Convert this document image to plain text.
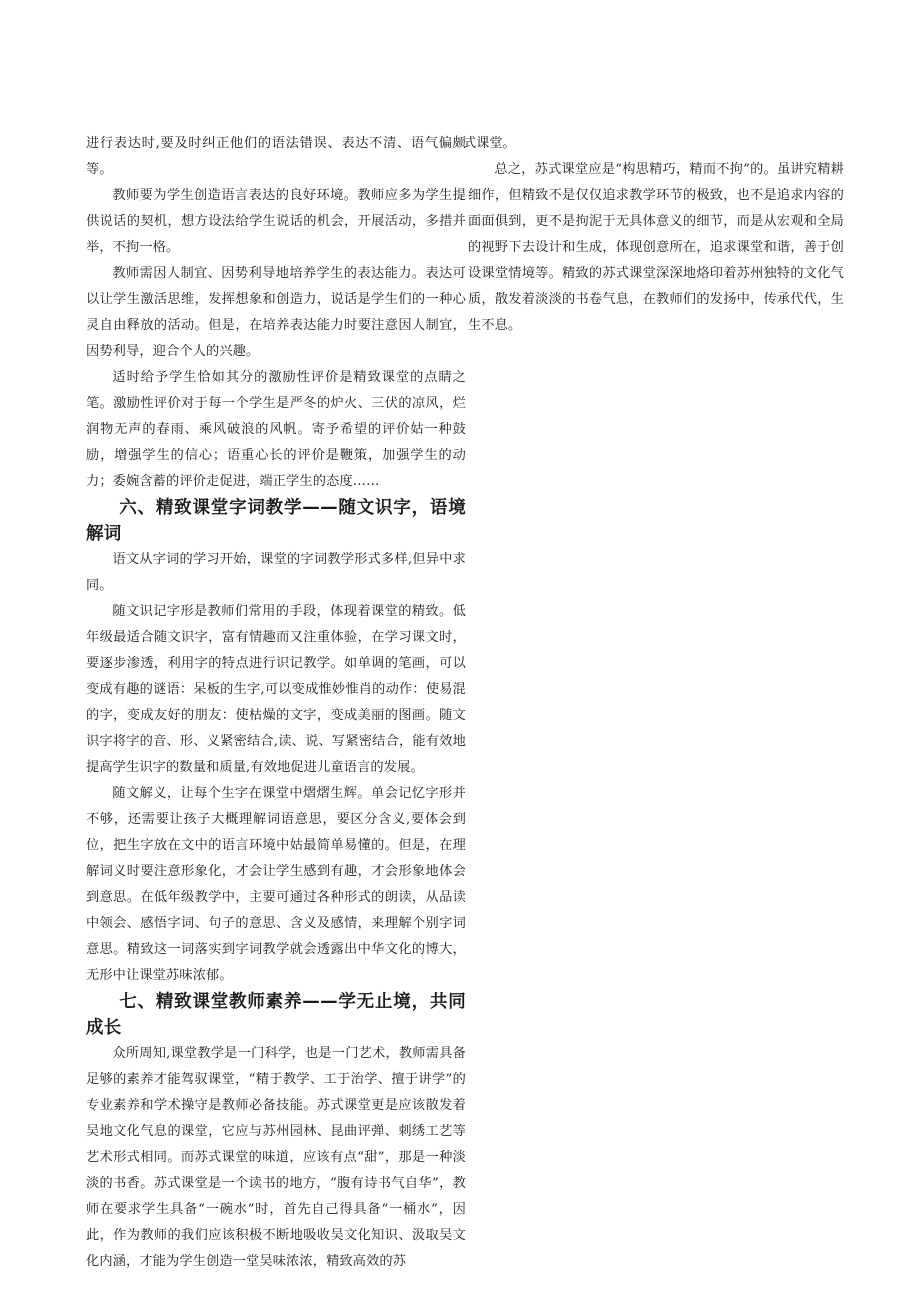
进行表达时,要及时纠正他们的语法错误、表达不清、语气偏颇等。

教师要为学生创造语言表达的良好环境。教师应多为学生提供说话的契机，想方设法给学生说话的机会，开展活动，多措并举，不拘一格。

教师需因人制宜、因势利导地培养学生的表达能力。表达可以让学生激活思维，发挥想象和创造力，说话是学生们的一种心灵自由释放的活动。但是，在培养表达能力时要注意因人制宜，因势利导，迎合个人的兴趣。

适时给予学生恰如其分的激励性评价是精致课堂的点睛之笔。激励性评价对于每一个学生是严冬的炉火、三伏的凉风，烂润物无声的春雨、乘风破浪的风帆。寄予希望的评价姑一种鼓励，增强学生的信心；语重心长的评价是鞭策，加强学生的动力；委婉含蓄的评价走促进，端正学生的态度……

六、精致课堂字词教学——随文识字，语境解词

语文从字词的学习开始，课堂的字词教学形式多样,但异中求同。

随文识记字形是教师们常用的手段，体现着课堂的精致。低年级最适合随文识字，富有情趣而又注重体验，在学习课文时，要逐步渗透，利用字的特点进行识记教学。如单调的笔画，可以变成有趣的谜语：呆板的生字,可以变成惟妙惟肖的动作：使易混的字，变成友好的朋友：使枯燥的文字，变成美丽的图画。随文识字将字的音、形、义紧密结合,读、说、写紧密结合，能有效地提高学生识字的数量和质量,有效地促进儿童语言的发展。

随文解义，让每个生字在课堂中熠熠生辉。单会记忆字形并不够，还需要让孩子大概理解词语意思，要区分含义,要体会到位，把生字放在文中的语言环境中姑最简单易懂的。但是，在理解词义时要注意形象化，才会让学生感到有趣，才会形象地体会到意思。在低年级教学中，主要可通过各种形式的朗读，从品读中领会、感悟字词、句子的意思、含义及感情，来理解个别字词意思。精致这一词落实到字词教学就会透露出中华文化的博大，无形中让课堂苏味浓郁。

七、精致课堂教师素养——学无止境，共同成长

众所周知,课堂教学是一门科学，也是一门艺术，教师需具备足够的素养才能驾驭课堂，“精于教学、工于治学、擅于讲学”的专业素养和学术操守是教师必备技能。苏式课堂更是应该散发着吴地文化气息的课堂，它应与苏州园林、昆曲评弹、刺绣工艺等艺术形式相同。而苏式课堂的味道，应该有点“甜”，那是一种淡淡的书香。苏式课堂是一个读书的地方，“腹有诗书气自华”，教师在要求学生具备“一碗水”时，首先自己得具备“一桶水”，因此，作为教师的我们应该积极不断地吸收吴文化知识、汲取吴文化内涵，才能为学生创造一堂吴味浓浓，精致高效的苏

式课堂。

总之，苏式课堂应是“构思精巧，精而不拘”的。虽讲究精耕细作，但精致不是仅仅追求教学环节的极致，也不是追求内容的面面俱到，更不是拘泥于无具体意义的细节，而是从宏观和全局的视野下去设计和生成，体现创意所在，追求课堂和谐，善于创设课堂情境等。精致的苏式课堂深深地烙印着苏州独特的文化气质，散发着淡淡的书卷气息，在教师们的发扬中，传承代代，生生不息。
